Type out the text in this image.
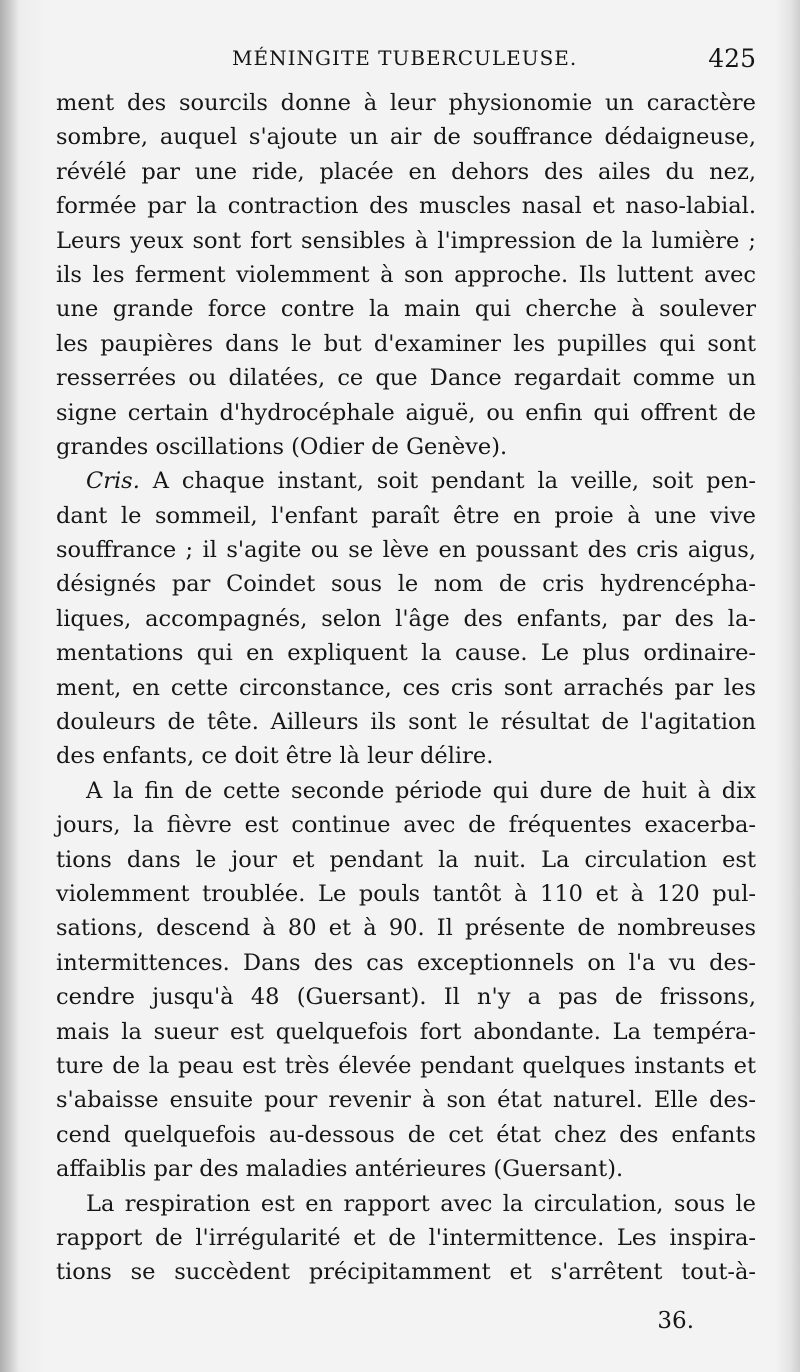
MÉNINGITE TUBERCULEUSE.	425
ment des sourcils donne à leur physionomie un caractère
sombre, auquel s'ajoute un air de souffrance dédaigneuse,
révélé par une ride, placée en dehors des ailes du nez,
formée par la contraction des muscles nasal et naso-labial.
Leurs yeux sont fort sensibles à l'impression de la lumière ;
ils les ferment violemment à son approche. Ils luttent avec
une grande force contre la main qui cherche à soulever
les paupières dans le but d'examiner les pupilles qui sont
resserrées ou dilatées, ce que Dance regardait comme un
signe certain d'hydrocéphale aiguë, ou enfin qui offrent de
grandes oscillations (Odier de Genève).
Cris. A chaque instant, soit pendant la veille, soit pen-
dant le sommeil, l'enfant paraît être en proie à une vive
souffrance ; il s'agite ou se lève en poussant des cris aigus,
désignés par Coindet sous le nom de cris hydrencépha-
liques, accompagnés, selon l'âge des enfants, par des la-
mentations qui en expliquent la cause. Le plus ordinaire-
ment, en cette circonstance, ces cris sont arrachés par les
douleurs de tête. Ailleurs ils sont le résultat de l'agitation
des enfants, ce doit être là leur délire.
A la fin de cette seconde période qui dure de huit à dix
jours, la fièvre est continue avec de fréquentes exacerba-
tions dans le jour et pendant la nuit. La circulation est
violemment troublée. Le pouls tantôt à 110 et à 120 pul-
sations, descend à 80 et à 90. Il présente de nombreuses
intermittences. Dans des cas exceptionnels on l'a vu des-
cendre jusqu'à 48 (Guersant). Il n'y a pas de frissons,
mais la sueur est quelquefois fort abondante. La tempéra-
ture de la peau est très élevée pendant quelques instants et
s'abaisse ensuite pour revenir à son état naturel. Elle des-
cend quelquefois au-dessous de cet état chez des enfants
affaiblis par des maladies antérieures (Guersant).
La respiration est en rapport avec la circulation, sous le
rapport de l'irrégularité et de l'intermittence. Les inspira-
tions se succèdent précipitamment et s'arrêtent tout-à-
36.
